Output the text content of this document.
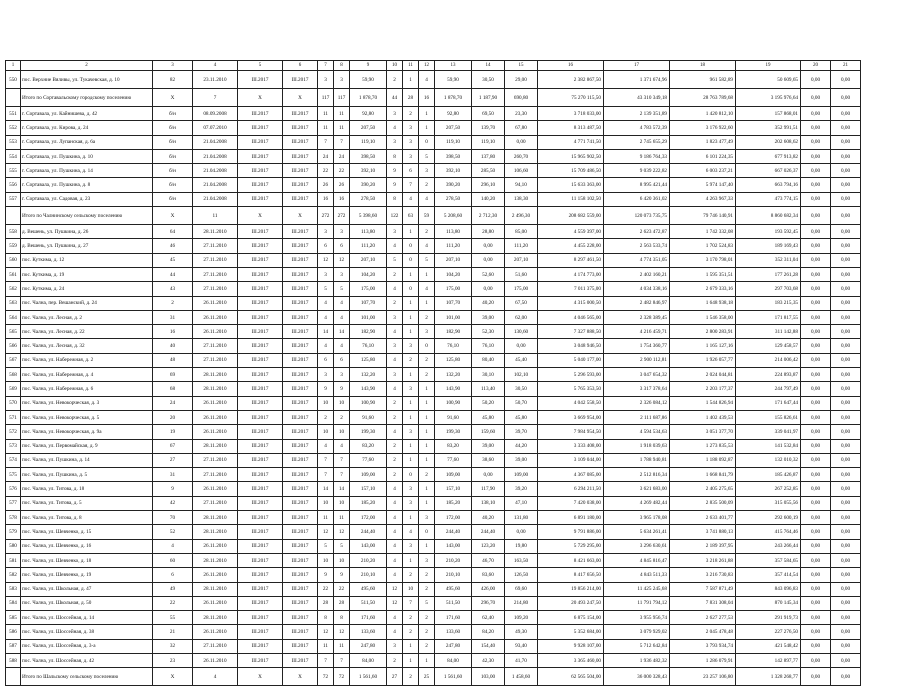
1	2	3	4	5	6	7	8	9	10	11	12	13	14	15	16	17	18	19	20	21
550	пос. Верхние Вяливы, ул. Тукачевская, д. 10	82	23.11.2010	III.2017	III.2017	3	3	59,90	2	1	4	59,90	30,50	29,00	2 382 867,50	1 371 674,96	961 582,89	50 609,65	0,00	0,00
	Итого по Сортавальскому городскому поселению	X	7	X	X	117	117	1 878,70	44	28	16	1 878,70	1 187,90	690,80	75 270 115,50	43 310 349,18	28 763 789,68	3 195 976,64	0,00	0,00
551	г. Сортавала, ул. Кайнишева, д. 42	б/н	08.09.2008	III.2017	III.2017	11	11	92,80	3	2	1	92,80	69,50	23,30	3 718 033,00	2 139 351,89	1 420 812,10	157 868,01	0,00	0,00
552	г. Сортавала, ул. Кирова, д. 24	б/н	07.07.2010	III.2017	III.2017	11	11	207,50	4	3	1	207,50	139,70	67,80	8 313 487,50	4 783 572,39	3 176 922,60	352 991,51	0,00	0,00
553	г. Сортавала, ул. Лупанская, д. 6а	б/н	21.04.2008	III.2017	III.2017	7	7	119,10	3	3	0	119,10	119,10	0,00	4 771 741,50	2 745 655,29	1 823 477,49	202 608,62	0,00	0,00
554	г. Сортавала, ул. Пушкина, д. 10	б/н	21.04.2008	III.2017	III.2017	24	24	398,50	8	3	5	398,50	137,80	260,70	15 965 902,50	9 186 764,33	6 101 224,35	677 913,82	0,00	0,00
555	г. Сортавала, ул. Пушкина, д. 14	б/н	21.04.2008	III.2017	III.2017	22	22	392,10	9	6	3	392,10	285,50	106,60	15 709 486,50	9 039 222,82	6 003 237,21	667 026,37	0,00	0,00
556	г. Сортавала, ул. Пушкина, д. 8	б/н	21.04.2008	III.2017	III.2017	26	26	390,20	9	7	2	390,20	296,10	94,10	15 633 363,00	8 995 421,44	5 974 147,40	663 794,16	0,00	0,00
557	г. Сортавала, ул. Садовая, д. 23	б/н	21.04.2008	III.2017	III.2017	16	16	278,50	8	4	4	278,50	140,20	138,30	11 158 102,50	6 420 361,02	4 263 967,33	473 774,15	0,00	0,00
	Итого по Чалнинскому сельскому поселению	X	11	X	X	272	272	5 398,60	122	63	59	5 208,60	2 712,30	2 496,30	208 682 559,00	120 073 735,75	79 746 140,91	8 860 682,34	0,00	0,00
558	д. Вешень, ул. Пушкина, д. 26	64	28.11.2010	III.2017	III.2017	3	3	113,80	3	1	2	113,80	28,80	85,00	4 559 397,00	2 623 472,87	1 742 332,08	193 592,45	0,00	0,00
559	д. Вешень, ул. Пушкина, д. 27	46	27.11.2010	III.2017	III.2017	6	6	111,20	4	0	4	111,20	0,00	111,20	4 455 228,00	2 563 533,74	1 702 524,83	189 169,43	0,00	0,00
560	пос. Куткима, д. 12	45	27.11.2010	III.2017	III.2017	12	12	207,10	5	0	5	207,10	0,00	207,10	8 297 461,50	4 774 351,05	3 170 798,01	352 311,04	0,00	0,00
561	пос. Куткима, д. 19	44	27.11.2010	III.2017	III.2017	3	3	104,20	2	1	1	104,20	52,60	51,60	4 174 773,00	2 402 160,21	1 595 351,51	177 261,28	0,00	0,00
562	пос. Куткима, д. 24	43	27.11.2010	III.2017	III.2017	5	5	175,00	4	0	4	175,00	0,00	175,00	7 011 375,00	4 034 338,16	2 679 333,16	297 703,68	0,00	0,00
563	пос. Чална, пер. Вешанский, д. 24	2	26.11.2010	III.2017	III.2017	4	4	107,70	2	1	1	107,70	40,20	67,50	4 315 000,50	2 482 846,97	1 648 938,18	183 215,35	0,00	0,00
564	пос. Чална, ул. Лесная, д. 2	31	26.11.2010	III.2017	III.2017	4	4	101,00	3	1	2	101,00	39,00	62,00	4 046 565,00	2 328 389,45	1 546 358,00	171 817,55	0,00	0,00
565	пос. Чална, ул. Лесная, д. 22	16	26.11.2010	III.2017	III.2017	14	14	182,90	4	1	3	182,90	52,30	130,60	7 327 888,50	4 216 459,71	2 800 283,91	311 142,88	0,00	0,00
566	пос. Чална, ул. Лесная, д. 32	40	27.11.2010	III.2017	III.2017	4	4	76,10	3	3	0	76,10	76,10	0,00	3 048 946,50	1 754 360,77	1 165 127,16	129 458,57	0,00	0,00
567	пос. Чална, ул. Набережная, д. 2	48	27.11.2010	III.2017	III.2017	6	6	125,80	4	2	2	125,80	80,40	45,40	5 040 177,00	2 900 112,81	1 926 057,77	214 006,42	0,00	0,00
568	пос. Чална, ул. Набережная, д. 4	69	28.11.2010	III.2017	III.2017	3	3	132,20	3	1	2	132,20	30,10	102,10	5 296 593,00	3 047 654,32	2 024 044,81	224 893,87	0,00	0,00
569	пос. Чална, ул. Набережная, д. 6	68	28.11.2010	III.2017	III.2017	9	9	143,90	4	3	1	143,90	113,40	30,50	5 765 353,50	3 317 378,64	2 203 177,37	244 797,49	0,00	0,00
570	пос. Чална, ул. Невокорческая, д. 3	24	26.11.2010	III.2017	III.2017	10	10	100,90	2	1	1	100,90	50,20	50,70	4 042 558,50	2 326 084,12	1 544 826,94	171 647,44	0,00	0,00
571	пос. Чална, ул. Невокорческая, д. 5	20	26.11.2010	III.2017	III.2017	2	2	91,60	2	1	1	91,60	45,80	45,80	3 669 954,00	2 111 687,86	1 402 439,53	155 826,61	0,00	0,00
572	пос. Чална, ул. Невокорческая, д. 9а	19	26.11.2010	III.2017	III.2017	10	10	199,30	4	3	1	199,30	159,60	39,70	7 984 954,50	4 594 534,63	3 051 377,70	339 041,97	0,00	0,00
573	пос. Чална, ул. Первомайская, д. 9	67	28.11.2010	III.2017	III.2017	4	4	83,20	2	1	1	83,20	39,00	44,20	3 333 408,00	1 918 039,63	1 273 835,53	141 532,84	0,00	0,00
574	пос. Чална, ул. Пушкина, д. 14	27	27.11.2010	III.2017	III.2017	7	7	77,60	2	1	1	77,60	38,60	39,00	3 109 044,00	1 788 940,81	1 188 092,87	132 010,32	0,00	0,00
575	пос. Чална, ул. Пушкина, д. 5	31	27.11.2010	III.2017	III.2017	7	7	109,00	2	0	2	109,00	0,00	109,00	4 367 085,00	2 512 816,34	1 668 841,79	185 426,87	0,00	0,00
576	пос. Чална, ул. Титова, д. 18	9	26.11.2010	III.2017	III.2017	14	14	157,10	4	3	1	157,10	117,90	39,20	6 294 211,50	3 621 683,00	2 405 275,65	267 252,85	0,00	0,00
577	пос. Чална, ул. Титова, д. 5	42	27.11.2010	III.2017	III.2017	10	10	185,20	4	3	1	185,20	138,10	47,10	7 420 038,00	4 269 482,44	2 835 500,09	315 055,56	0,00	0,00
578	пос. Чална, ул. Титова, д. 8	70	28.11.2010	III.2017	III.2017	11	11	172,00	4	1	3	172,00	40,20	131,80	6 891 180,00	3 965 178,08	2 633 401,77	292 600,19	0,00	0,00
579	пос. Чална, ул. Шевченко, д. 15	52	28.11.2010	III.2017	III.2017	12	12	244,40	4	4	0	244,40	244,40	0,00	9 791 886,00	5 634 261,41	3 741 880,13	415 764,46	0,00	0,00
580	пос. Чална, ул. Шевченко, д. 16	4	26.11.2010	III.2017	III.2017	5	5	143,00	4	3	1	143,00	123,20	19,80	5 729 295,00	3 296 630,61	2 189 397,95	243 266,44	0,00	0,00
581	пос. Чална, ул. Шевченко, д. 18	60	28.11.2010	III.2017	III.2017	10	10	210,20	4	1	3	210,20	46,70	163,50	8 421 663,00	4 845 816,47	3 218 261,88	357 584,65	0,00	0,00
582	пос. Чална, ул. Шевченко, д. 19	6	26.11.2010	III.2017	III.2017	9	9	210,10	4	2	2	210,10	83,60	126,50	8 417 656,50	4 843 511,33	3 216 730,83	357 414,54	0,00	0,00
583	пос. Чална, ул. Школьная, д. 47	49	28.11.2010	III.2017	III.2017	22	22	495,60	12	10	2	495,60	426,00	69,60	19 856 214,00	11 425 245,68	7 587 871,49	843 096,83	0,00	0,00
584	пос. Чална, ул. Школьная, д. 50	22	26.11.2010	III.2017	III.2017	28	28	511,50	12	7	5	511,50	296,70	214,80	20 493 247,50	11 791 794,12	7 831 308,04	870 145,34	0,00	0,00
585	пос. Чална, ул. Шоссейная, д. 14	55	28.11.2010	III.2017	III.2017	8	8	171,60	4	2	2	171,60	62,40	109,20	6 875 154,00	3 955 956,74	2 627 277,53	291 919,73	0,00	0,00
586	пос. Чална, ул. Шоссейная, д. 38	21	26.11.2010	III.2017	III.2017	12	12	133,60	4	2	2	133,60	84,20	49,30	5 352 684,00	3 079 929,02	2 045 478,48	227 276,50	0,00	0,00
587	пос. Чална, ул. Шоссейная, д. 3-а	32	27.11.2010	III.2017	III.2017	11	11	247,80	3	1	2	247,80	154,40	93,40	9 928 107,00	5 712 642,84	3 793 934,74	421 548,42	0,00	0,00
588	пос. Чална, ул. Шоссейная, д. 42	23	26.11.2010	III.2017	III.2017	7	7	84,00	2	1	1	84,00	42,30	41,70	3 365 460,00	1 936 482,32	1 286 079,91	142 897,77	0,00	0,00
	Итого по Шальскому сельскому поселению	X	4	X	X	72	72	1 561,60	27	2	25	1 561,60	103,00	1 458,60	62 565 504,00	36 000 328,43	23 257 106,80	1 328 268,77	0,00	0,00
